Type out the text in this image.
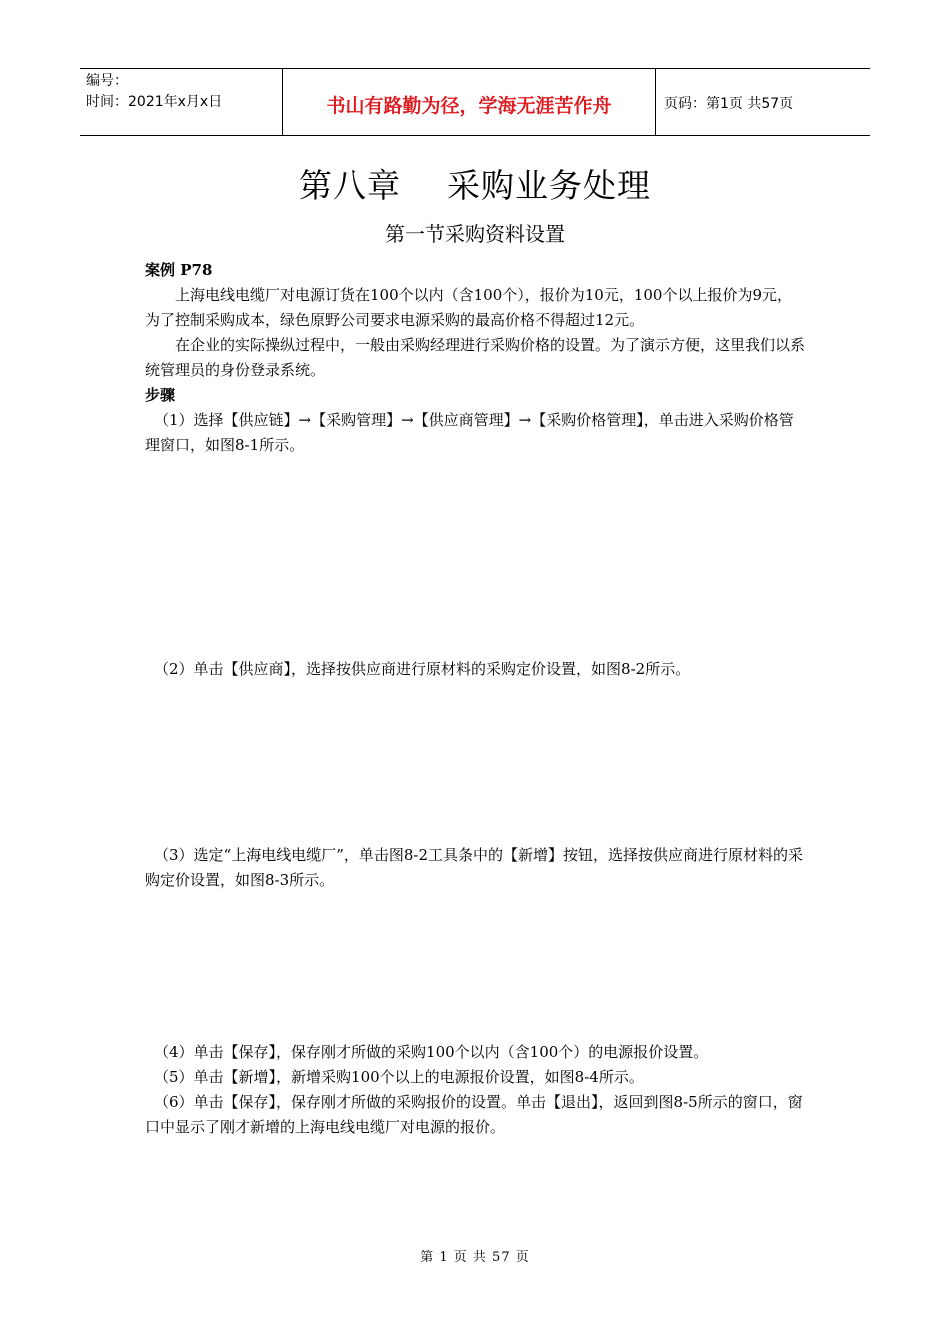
编号：
时间：2021年x月x日	书山有路勤为径，学海无涯苦作舟	页码：第1页 共57页
第八章    采购业务处理
第一节采购资料设置

案例 P78

上海电线电缆厂对电源订货在100个以内（含100个），报价为10元，100个以上报价为9元，为了控制采购成本，绿色原野公司要求电源采购的最高价格不得超过12元。

在企业的实际操纵过程中，一般由采购经理进行采购价格的设置。为了演示方便，这里我们以系统管理员的身份登录系统。

步骤

（1）选择【供应链】→【采购管理】→【供应商管理】→【采购价格管理】，单击进入采购价格管理窗口，如图8-1所示。

（2）单击【供应商】，选择按供应商进行原材料的采购定价设置，如图8-2所示。

（3）选定“上海电线电缆厂”，单击图8-2工具条中的【新增】按钮，选择按供应商进行原材料的采购定价设置，如图8-3所示。

（4）单击【保存】，保存刚才所做的采购100个以内（含100个）的电源报价设置。

（5）单击【新增】，新增采购100个以上的电源报价设置，如图8-4所示。

（6）单击【保存】，保存刚才所做的采购报价的设置。单击【退出】，返回到图8-5所示的窗口，窗口中显示了刚才新增的上海电线电缆厂对电源的报价。

第 1 页 共 57 页
